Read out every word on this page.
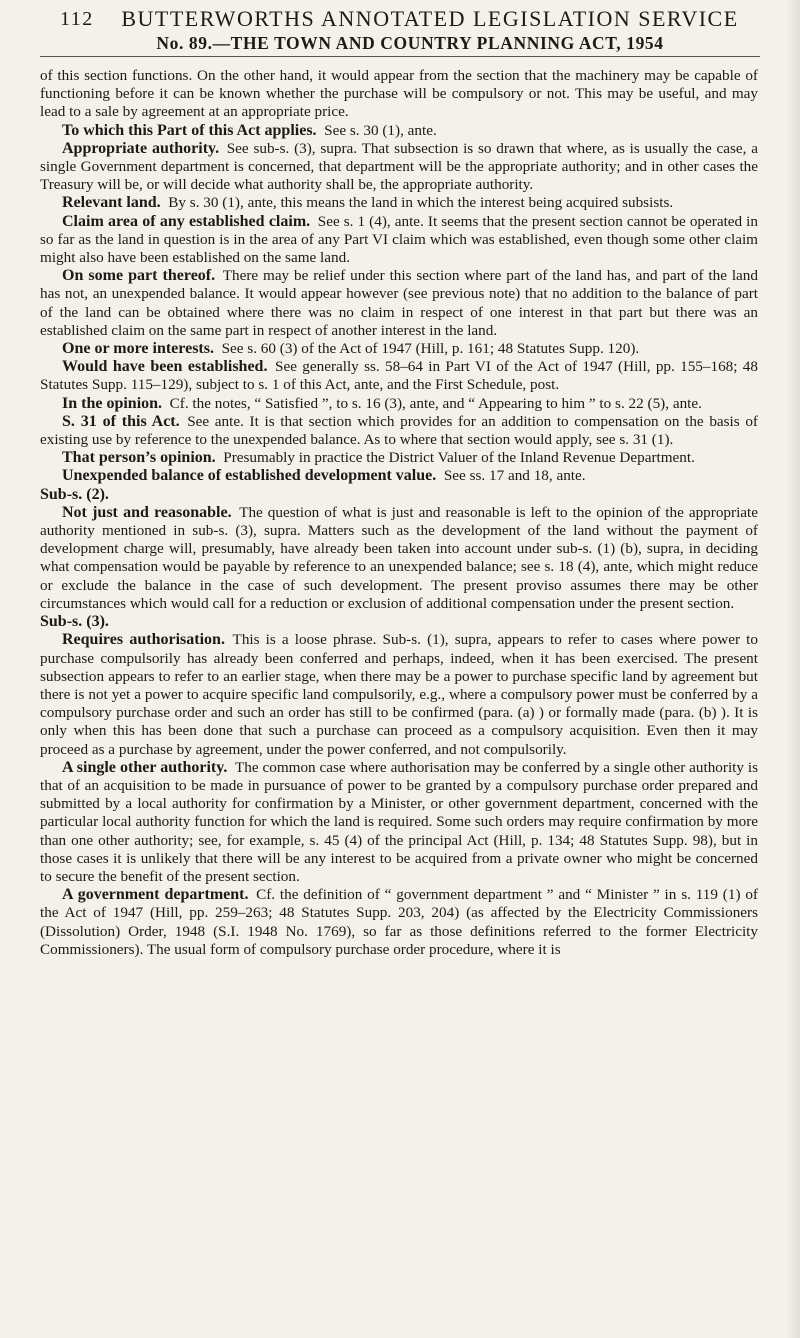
112 BUTTERWORTHS ANNOTATED LEGISLATION SERVICE
No. 89.—THE TOWN AND COUNTRY PLANNING ACT, 1954

of this section functions. On the other hand, it would appear from the section that the machinery may be capable of functioning before it can be known whether the purchase will be compulsory or not. This may be useful, and may lead to a sale by agreement at an appropriate price.

To which this Part of this Act applies.  See s. 30 (1), ante.

Appropriate authority.  See sub-s. (3), supra. That subsection is so drawn that where, as is usually the case, a single Government department is concerned, that department will be the appropriate authority; and in other cases the Treasury will be, or will decide what authority shall be, the appropriate authority.

Relevant land.  By s. 30 (1), ante, this means the land in which the interest being acquired subsists.

Claim area of any established claim.  See s. 1 (4), ante. It seems that the present section cannot be operated in so far as the land in question is in the area of any Part VI claim which was established, even though some other claim might also have been established on the same land.

On some part thereof.  There may be relief under this section where part of the land has, and part of the land has not, an unexpended balance. It would appear however (see previous note) that no addition to the balance of part of the land can be obtained where there was no claim in respect of one interest in that part but there was an established claim on the same part in respect of another interest in the land.

One or more interests.  See s. 60 (3) of the Act of 1947 (Hill, p. 161; 48 Statutes Supp. 120).

Would have been established.  See generally ss. 58–64 in Part VI of the Act of 1947 (Hill, pp. 155–168; 48 Statutes Supp. 115–129), subject to s. 1 of this Act, ante, and the First Schedule, post.

In the opinion.  Cf. the notes, “ Satisfied ”, to s. 16 (3), ante, and “ Appearing to him ” to s. 22 (5), ante.

S. 31 of this Act.  See ante. It is that section which provides for an addition to compensation on the basis of existing use by reference to the unexpended balance. As to where that section would apply, see s. 31 (1).

That person’s opinion.  Presumably in practice the District Valuer of the Inland Revenue Department.

Unexpended balance of established development value.  See ss. 17 and 18, ante.

Sub-s. (2).

Not just and reasonable.  The question of what is just and reasonable is left to the opinion of the appropriate authority mentioned in sub-s. (3), supra. Matters such as the development of the land without the payment of development charge will, presumably, have already been taken into account under sub-s. (1) (b), supra, in deciding what compensation would be payable by reference to an unexpended balance; see s. 18 (4), ante, which might reduce or exclude the balance in the case of such development. The present proviso assumes there may be other circumstances which would call for a reduction or exclusion of additional compensation under the present section.

Sub-s. (3).

Requires authorisation.  This is a loose phrase. Sub-s. (1), supra, appears to refer to cases where power to purchase compulsorily has already been conferred and perhaps, indeed, when it has been exercised. The present subsection appears to refer to an earlier stage, when there may be a power to purchase specific land by agreement but there is not yet a power to acquire specific land compulsorily, e.g., where a compulsory power must be conferred by a compulsory purchase order and such an order has still to be confirmed (para. (a) ) or formally made (para. (b) ). It is only when this has been done that such a purchase can proceed as a compulsory acquisition. Even then it may proceed as a purchase by agreement, under the power conferred, and not compulsorily.

A single other authority.  The common case where authorisation may be conferred by a single other authority is that of an acquisition to be made in pursuance of power to be granted by a compulsory purchase order prepared and submitted by a local authority for confirmation by a Minister, or other government department, concerned with the particular local authority function for which the land is required. Some such orders may require confirmation by more than one other authority; see, for example, s. 45 (4) of the principal Act (Hill, p. 134; 48 Statutes Supp. 98), but in those cases it is unlikely that there will be any interest to be acquired from a private owner who might be concerned to secure the benefit of the present section.

A government department.  Cf. the definition of “ government department ” and “ Minister ” in s. 119 (1) of the Act of 1947 (Hill, pp. 259–263; 48 Statutes Supp. 203, 204) (as affected by the Electricity Commissioners (Dissolution) Order, 1948 (S.I. 1948 No. 1769), so far as those definitions referred to the former Electricity Commissioners). The usual form of compulsory purchase order procedure, where it is
